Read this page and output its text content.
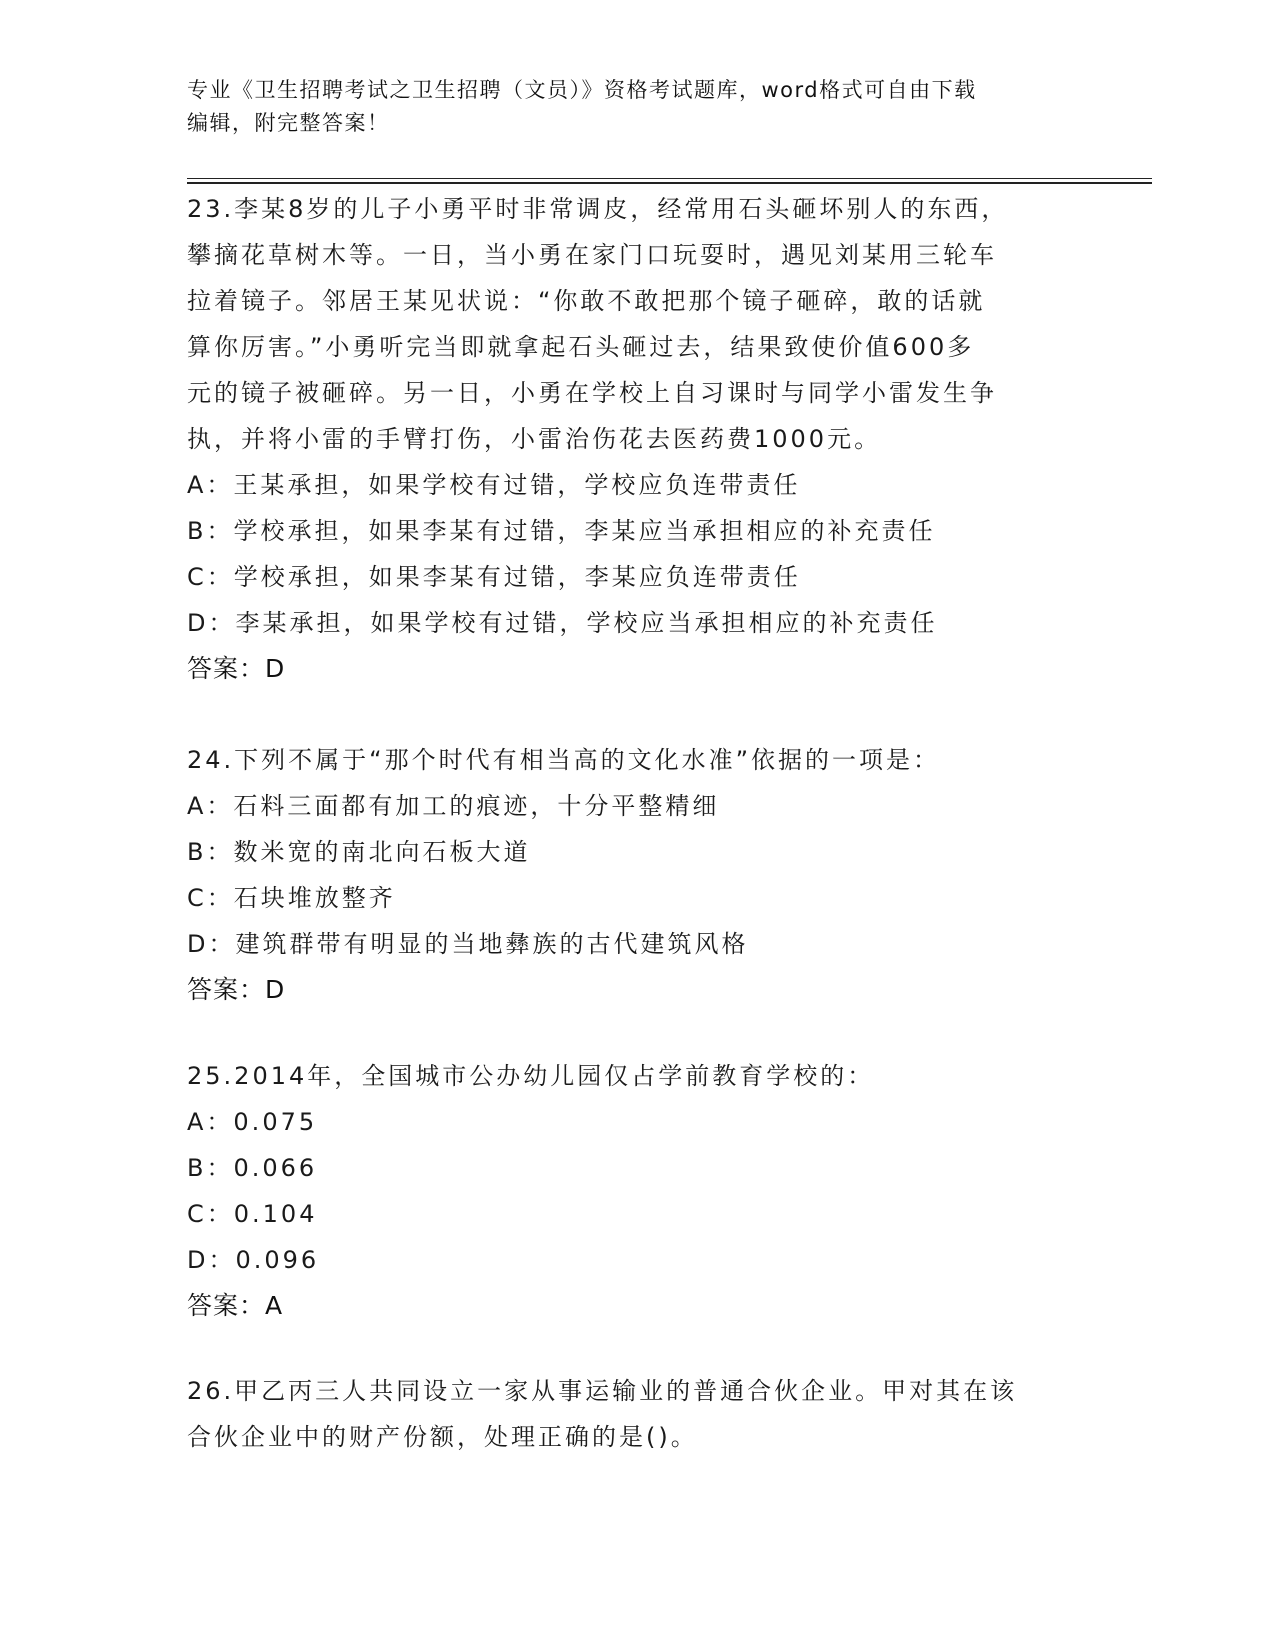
专业《卫生招聘考试之卫生招聘（文员）》资格考试题库，word格式可自由下载
编辑，附完整答案！

23.李某8岁的儿子小勇平时非常调皮，经常用石头砸坏别人的东西，

攀摘花草树木等。一日，当小勇在家门口玩耍时，遇见刘某用三轮车

拉着镜子。邻居王某见状说：“你敢不敢把那个镜子砸碎，敢的话就

算你厉害。”小勇听完当即就拿起石头砸过去，结果致使价值600多

元的镜子被砸碎。另一日，小勇在学校上自习课时与同学小雷发生争

执，并将小雷的手臂打伤，小雷治伤花去医药费1000元。

A：王某承担，如果学校有过错，学校应负连带责任

B：学校承担，如果李某有过错，李某应当承担相应的补充责任

C：学校承担，如果李某有过错，李某应负连带责任

D：李某承担，如果学校有过错，学校应当承担相应的补充责任

答案：D

24.下列不属于“那个时代有相当高的文化水准”依据的一项是：

A：石料三面都有加工的痕迹，十分平整精细

B：数米宽的南北向石板大道

C：石块堆放整齐

D：建筑群带有明显的当地彝族的古代建筑风格

答案：D

25.2014年，全国城市公办幼儿园仅占学前教育学校的：

A：0.075

B：0.066

C：0.104

D：0.096

答案：A

26.甲乙丙三人共同设立一家从事运输业的普通合伙企业。甲对其在该

合伙企业中的财产份额，处理正确的是()。
